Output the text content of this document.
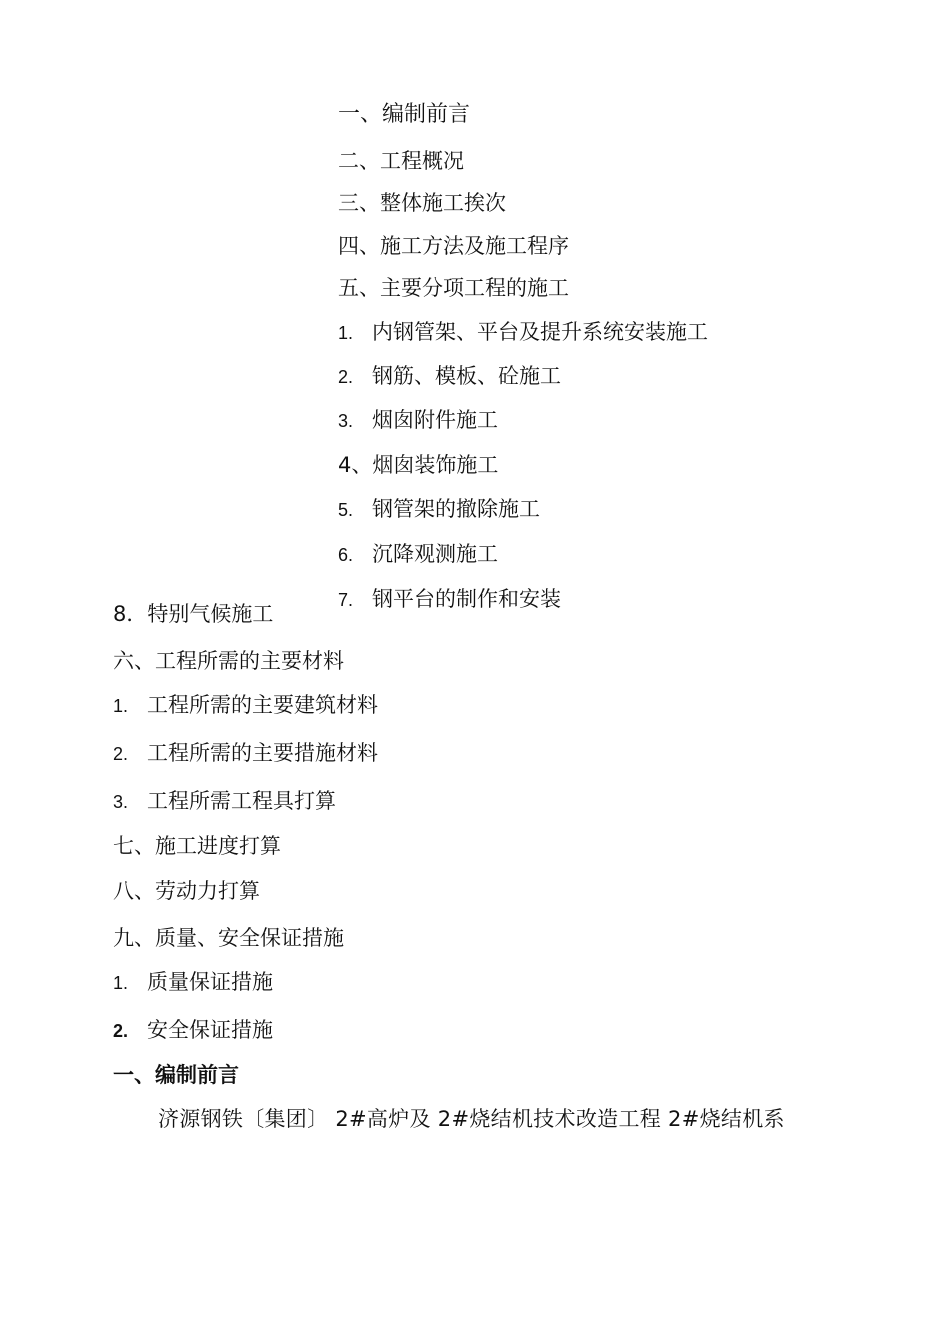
一、编制前言
二、工程概况
三、整体施工挨次
四、施工方法及施工程序
五、主要分项工程的施工
1. 内钢管架、平台及提升系统安装施工
2. 钢筋、模板、砼施工
3. 烟囱附件施工
4、烟囱装饰施工
5. 钢管架的撤除施工
6. 沉降观测施工
7. 钢平台的制作和安装
8．特别气候施工
六、工程所需的主要材料
1. 工程所需的主要建筑材料
2. 工程所需的主要措施材料
3. 工程所需工程具打算
七、施工进度打算
八、劳动力打算
九、质量、安全保证措施
1. 质量保证措施
2. 安全保证措施
一、编制前言
济源钢铁〔集团〕 2#高炉及 2#烧结机技术改造工程 2#烧结机系
